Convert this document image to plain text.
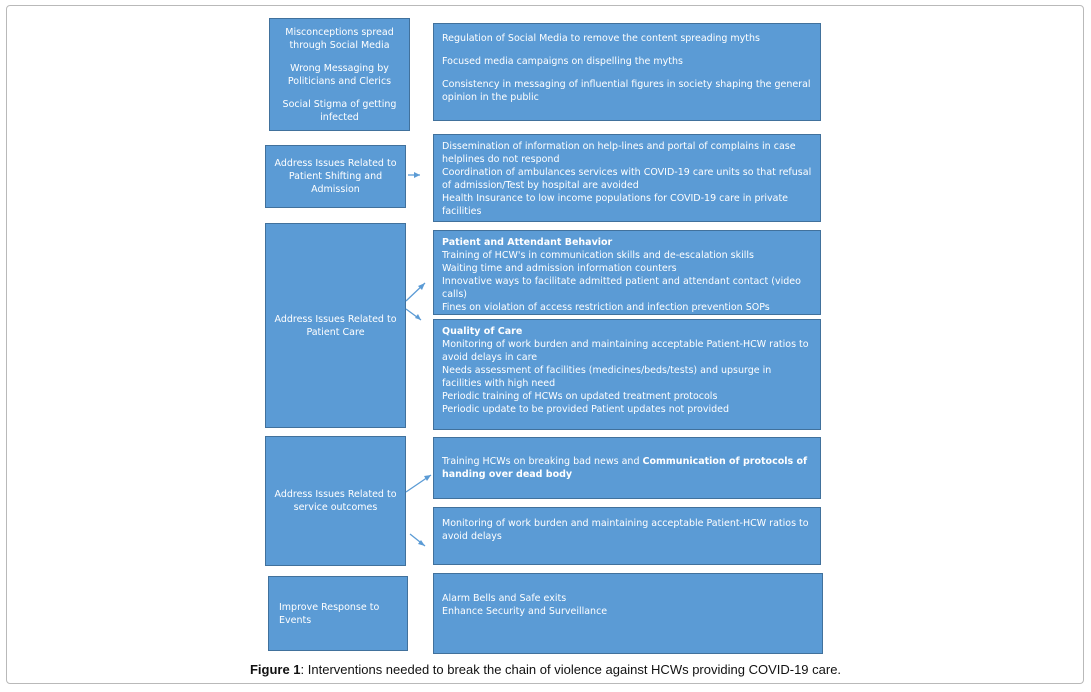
Misconceptions spread through Social Media
Wrong Messaging by Politicians and Clerics
Social Stigma of getting infected
Address Issues Related to Patient Shifting and Admission
Address Issues Related to Patient Care
Address Issues Related to service outcomes
Improve Response to Events
Regulation of Social Media to remove the content spreading myths
Focused media campaigns on dispelling the myths
Consistency in messaging of influential figures in society shaping the general opinion in the public
Dissemination of information on help-lines and portal of complains in case helplines do not respond
Coordination of ambulances services with COVID-19 care units so that refusal of admission/Test by hospital are avoided
Health Insurance to low income populations for COVID-19 care in private facilities
Patient and Attendant Behavior
Training of HCW's in communication skills and de-escalation skills
Waiting time and admission information counters
Innovative ways to facilitate admitted patient and attendant contact (video calls)
Fines on violation of access restriction and infection prevention SOPs
Quality of Care
Monitoring of work burden and maintaining acceptable Patient-HCW ratios to avoid delays in care
Needs assessment of facilities (medicines/beds/tests) and upsurge in facilities with high need
Periodic training of HCWs on updated treatment protocols
Periodic update to be provided Patient updates not provided
Training HCWs on breaking bad news and Communication of protocols of handing over dead body
Monitoring of work burden and maintaining acceptable Patient-HCW ratios to avoid delays
Alarm Bells and Safe exits
Enhance Security and Surveillance
Figure 1: Interventions needed to break the chain of violence against HCWs providing COVID-19 care.
